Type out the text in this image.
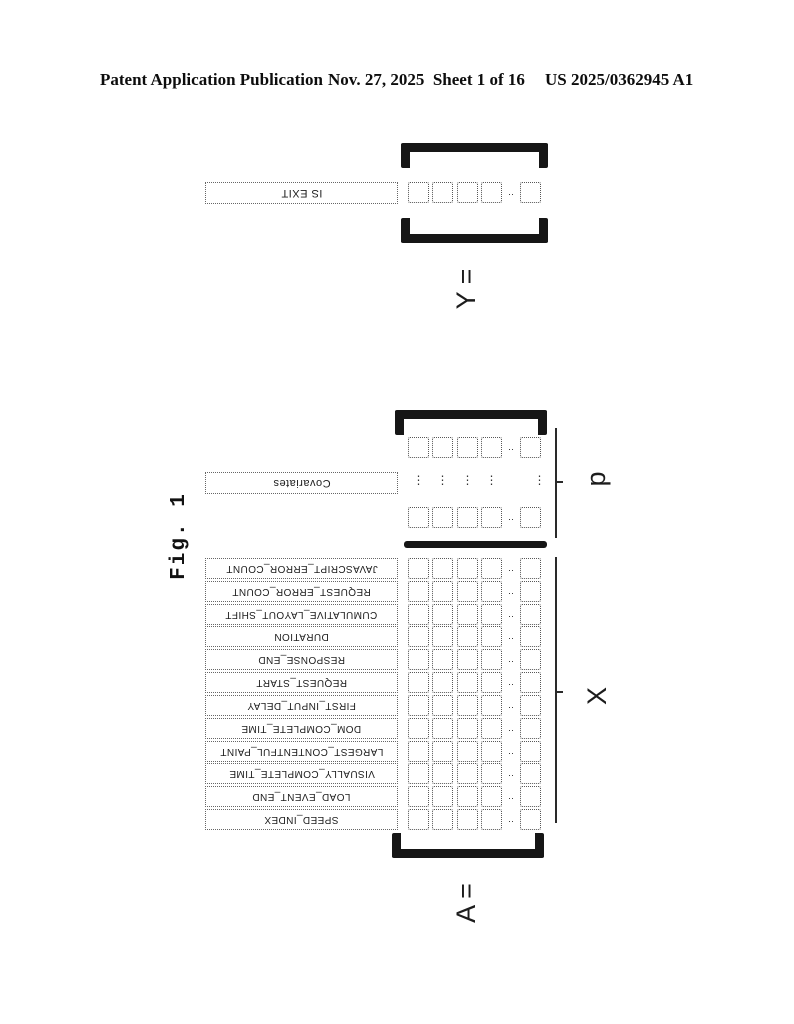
Patent Application Publication Nov. 27, 2025  Sheet 1 of 16 US 2025/0362945 A1
IS EXIT	‥
Y =
Fig. 1
Covariates
‥
⋮ ⋮ ⋮ ⋮	⋮
‥
JAVASCRIPT_ERROR_COUNT	‥
REQUEST_ERROR_COUNT	‥
CUMULATIVE_LAYOUT_SHIFT	‥
DURATION	‥
RESPONSE_END	‥
REQUEST_START	‥
FIRST_INPUT_DELAY	‥
DOM_COMPLETE_TIME	‥
LARGEST_CONTENTFUL_PAINT	‥
VISUALLY_COMPLETE_TIME	‥
LOAD_EVENT_END	‥
SPEED_INDEX	‥
A =
p
X
